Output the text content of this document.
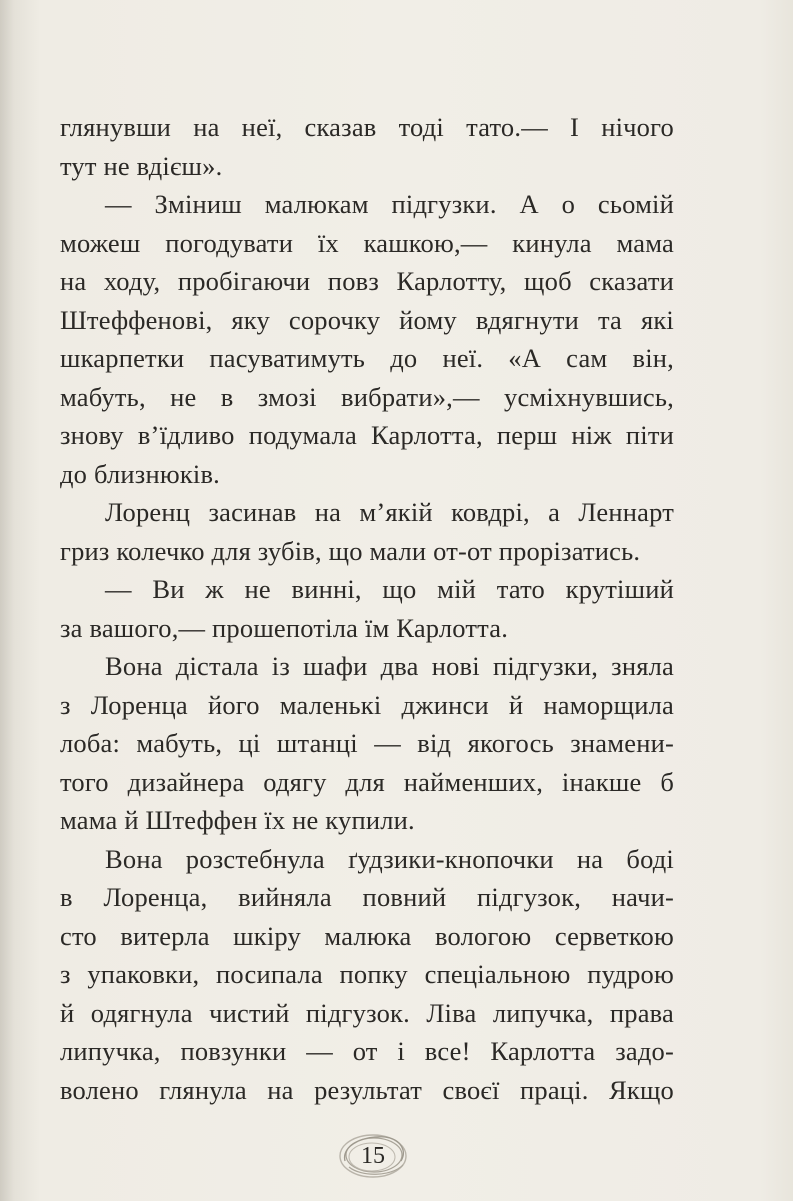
глянувши на неї, сказав тоді тато.— І нічого
тут не вдієш».
— Зміниш малюкам підгузки. А о сьомій
можеш погодувати їх кашкою,— кинула мама
на ходу, пробігаючи повз Карлотту, щоб сказати
Штеффенові, яку сорочку йому вдягнути та які
шкарпетки пасуватимуть до неї. «А сам він,
мабуть, не в змозі вибрати»,— усміхнувшись,
знову в’їдливо подумала Карлотта, перш ніж піти
до близнюків.
Лоренц засинав на м’якій ковдрі, а Леннарт
гриз колечко для зубів, що мали от-от прорізатись.
— Ви ж не винні, що мій тато крутіший
за вашого,— прошепотіла їм Карлотта.
Вона дістала із шафи два нові підгузки, зняла
з Лоренца його маленькі джинси й наморщила
лоба: мабуть, ці штанці — від якогось знамени-
того дизайнера одягу для найменших, інакше б
мама й Штеффен їх не купили.
Вона розстебнула ґудзики-кнопочки на боді
в Лоренца, вийняла повний підгузок, начи-
сто витерла шкіру малюка вологою серветкою
з упаковки, посипала попку спеціальною пудрою
й одягнула чистий підгузок. Ліва липучка, права
липучка, повзунки — от і все! Карлотта задо-
волено глянула на результат своєї праці. Якщо
15
